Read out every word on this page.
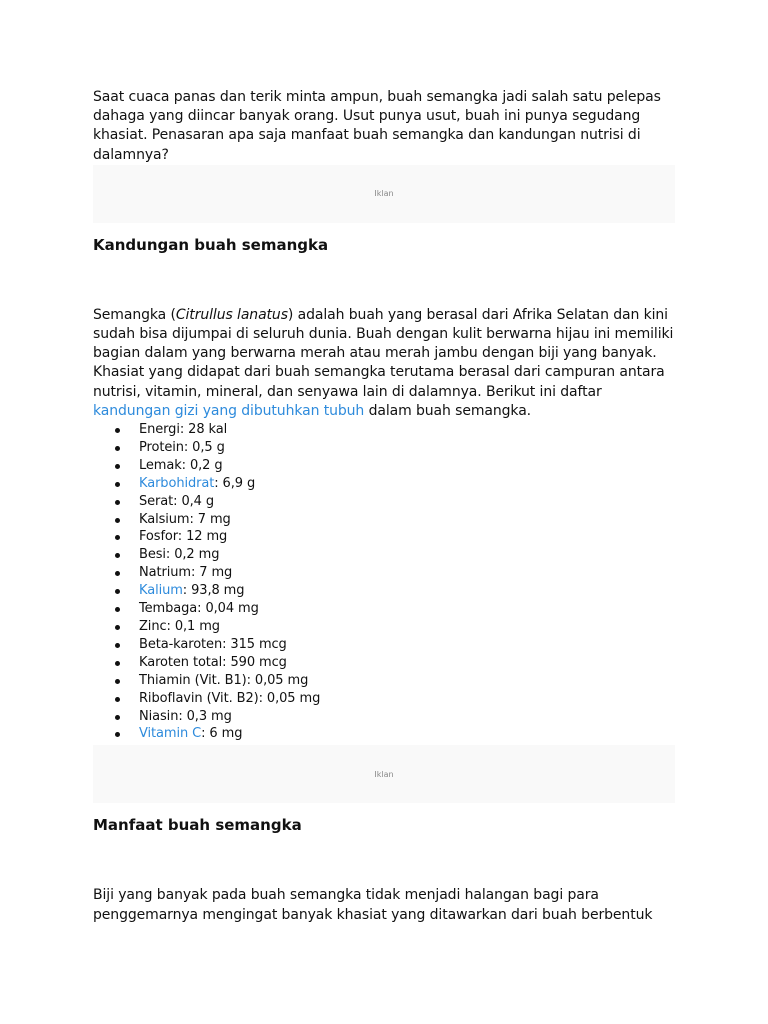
Saat cuaca panas dan terik minta ampun, buah semangka jadi salah satu pelepas dahaga yang diincar banyak orang. Usut punya usut, buah ini punya segudang khasiat. Penasaran apa saja manfaat buah semangka dan kandungan nutrisi di dalamnya?

Iklan
Kandungan buah semangka

Semangka (Citrullus lanatus) adalah buah yang berasal dari Afrika Selatan dan kini sudah bisa dijumpai di seluruh dunia. Buah dengan kulit berwarna hijau ini memiliki bagian dalam yang berwarna merah atau merah jambu dengan biji yang banyak. Khasiat yang didapat dari buah semangka terutama berasal dari campuran antara nutrisi, vitamin, mineral, dan senyawa lain di dalamnya. Berikut ini daftar kandungan gizi yang dibutuhkan tubuh dalam buah semangka.

Energi: 28 kal
Protein: 0,5 g
Lemak: 0,2 g
Karbohidrat: 6,9 g
Serat: 0,4 g
Kalsium: 7 mg
Fosfor: 12 mg
Besi: 0,2 mg
Natrium: 7 mg
Kalium: 93,8 mg
Tembaga: 0,04 mg
Zinc: 0,1 mg
Beta-karoten: 315 mcg
Karoten total: 590 mcg
Thiamin (Vit. B1): 0,05 mg
Riboflavin (Vit. B2): 0,05 mg
Niasin: 0,3 mg
Vitamin C: 6 mg
Iklan
Manfaat buah semangka

Biji yang banyak pada buah semangka tidak menjadi halangan bagi para penggemarnya mengingat banyak khasiat yang ditawarkan dari buah berbentuk
